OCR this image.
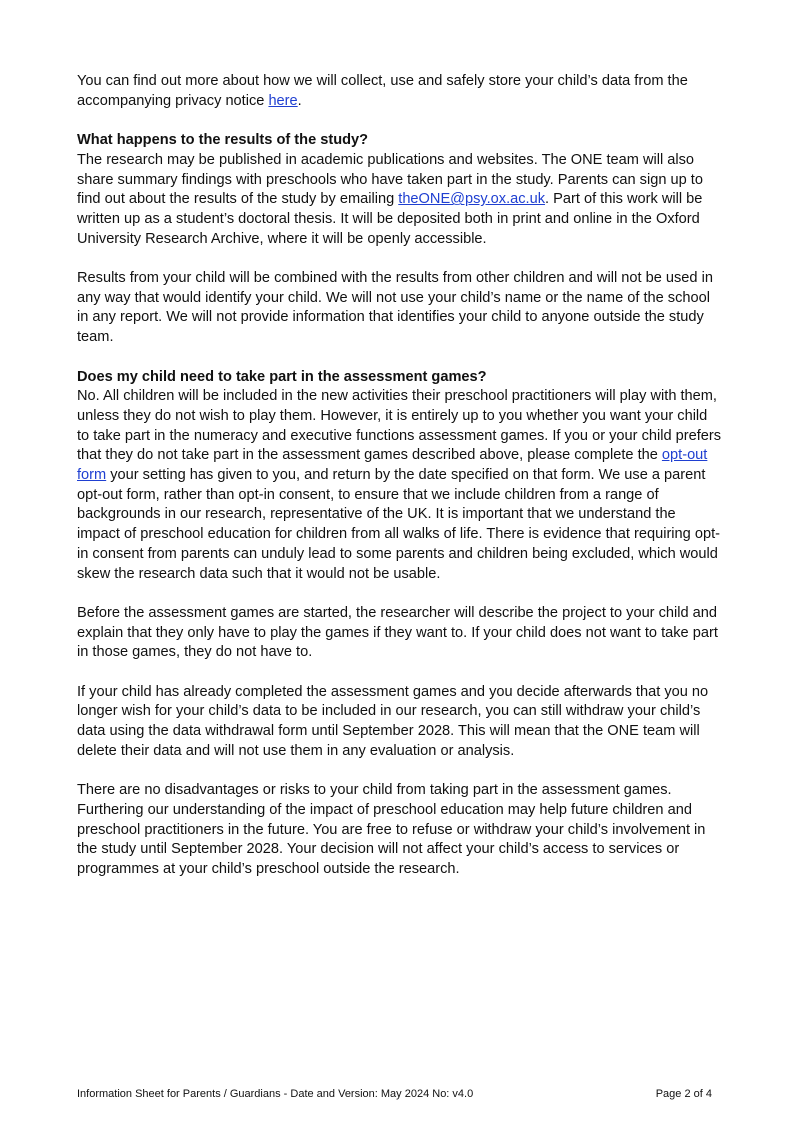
You can find out more about how we will collect, use and safely store your child’s data from the accompanying privacy notice here.

What happens to the results of the study?
The research may be published in academic publications and websites. The ONE team will also share summary findings with preschools who have taken part in the study. Parents can sign up to find out about the results of the study by emailing theONE@psy.ox.ac.uk. Part of this work will be written up as a student’s doctoral thesis. It will be deposited both in print and online in the Oxford University Research Archive, where it will be openly accessible.

Results from your child will be combined with the results from other children and will not be used in any way that would identify your child. We will not use your child’s name or the name of the school in any report. We will not provide information that identifies your child to anyone outside the study team.

Does my child need to take part in the assessment games?
No. All children will be included in the new activities their preschool practitioners will play with them, unless they do not wish to play them. However, it is entirely up to you whether you want your child to take part in the numeracy and executive functions assessment games. If you or your child prefers that they do not take part in the assessment games described above, please complete the opt-out form your setting has given to you, and return by the date specified on that form. We use a parent opt-out form, rather than opt-in consent, to ensure that we include children from a range of backgrounds in our research, representative of the UK. It is important that we understand the impact of preschool education for children from all walks of life. There is evidence that requiring opt-in consent from parents can unduly lead to some parents and children being excluded, which would skew the research data such that it would not be usable.

Before the assessment games are started, the researcher will describe the project to your child and explain that they only have to play the games if they want to. If your child does not want to take part in those games, they do not have to.

If your child has already completed the assessment games and you decide afterwards that you no longer wish for your child’s data to be included in our research, you can still withdraw your child’s data using the data withdrawal form until September 2028. This will mean that the ONE team will delete their data and will not use them in any evaluation or analysis.

There are no disadvantages or risks to your child from taking part in the assessment games. Furthering our understanding of the impact of preschool education may help future children and preschool practitioners in the future. You are free to refuse or withdraw your child’s involvement in the study until September 2028. Your decision will not affect your child’s access to services or programmes at your child’s preschool outside the research.

Information Sheet for Parents / Guardians - Date and Version: May 2024 No: v4.0	Page 2 of 4
